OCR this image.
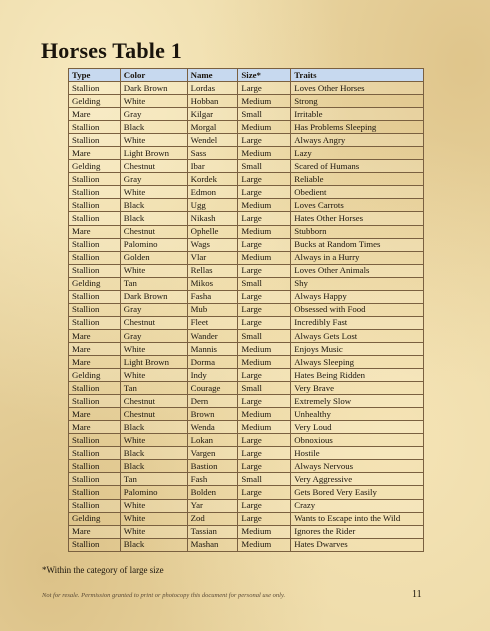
Horses Table 1
Type	Color	Name	Size*	Traits
Stallion	Dark Brown	Lordas	Large	Loves Other Horses
Gelding	White	Hobban	Medium	Strong
Mare	Gray	Kilgar	Small	Irritable
Stallion	Black	Morgal	Medium	Has Problems Sleeping
Stallion	White	Wendel	Large	Always Angry
Mare	Light Brown	Sass	Medium	Lazy
Gelding	Chestnut	Ibar	Small	Scared of Humans
Stallion	Gray	Kordek	Large	Reliable
Stallion	White	Edmon	Large	Obedient
Stallion	Black	Ugg	Medium	Loves Carrots
Stallion	Black	Nikash	Large	Hates Other Horses
Mare	Chestnut	Ophelle	Medium	Stubborn
Stallion	Palomino	Wags	Large	Bucks at Random Times
Stallion	Golden	Vlar	Medium	Always in a Hurry
Stallion	White	Rellas	Large	Loves Other Animals
Gelding	Tan	Mikos	Small	Shy
Stallion	Dark Brown	Fasha	Large	Always Happy
Stallion	Gray	Mub	Large	Obsessed with Food
Stallion	Chestnut	Fleet	Large	Incredibly Fast
Mare	Gray	Wander	Small	Always Gets Lost
Mare	White	Mannis	Medium	Enjoys Music
Mare	Light Brown	Dorma	Medium	Always Sleeping
Gelding	White	Indy	Large	Hates Being Ridden
Stallion	Tan	Courage	Small	Very Brave
Stallion	Chestnut	Dern	Large	Extremely Slow
Mare	Chestnut	Brown	Medium	Unhealthy
Mare	Black	Wenda	Medium	Very Loud
Stallion	White	Lokan	Large	Obnoxious
Stallion	Black	Vargen	Large	Hostile
Stallion	Black	Bastion	Large	Always Nervous
Stallion	Tan	Fash	Small	Very Aggressive
Stallion	Palomino	Bolden	Large	Gets Bored Very Easily
Stallion	White	Yar	Large	Crazy
Gelding	White	Zod	Large	Wants to Escape into the Wild
Mare	White	Tassian	Medium	Ignores the Rider
Stallion	Black	Mashan	Medium	Hates Dwarves
*Within the category of large size
Not for resale. Permission granted to print or photocopy this document for personal use only.	11
